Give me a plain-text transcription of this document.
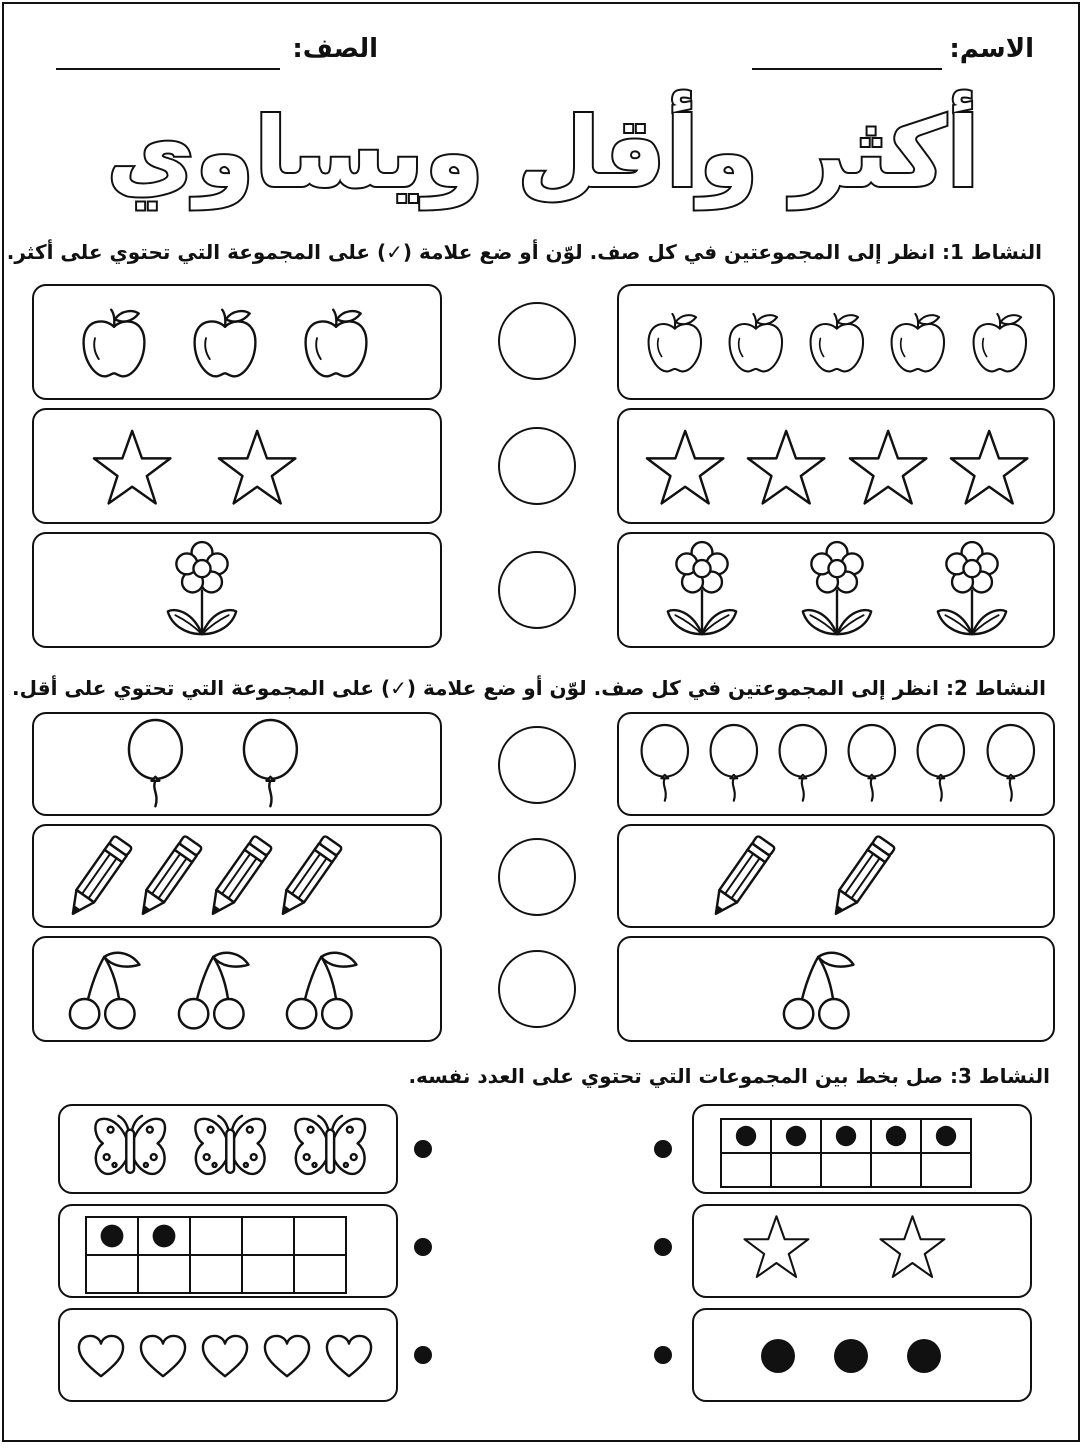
الاسم:
الصف:
أكثر وأقل ويساوي
النشاط 1: انظر إلى المجموعتين في كل صف. لوّن أو ضع علامة (✓) على المجموعة التي تحتوي على أكثر.
النشاط 2: انظر إلى المجموعتين في كل صف. لوّن أو ضع علامة (✓) على المجموعة التي تحتوي على أقل.
النشاط 3: صل بخط بين المجموعات التي تحتوي على العدد نفسه.
